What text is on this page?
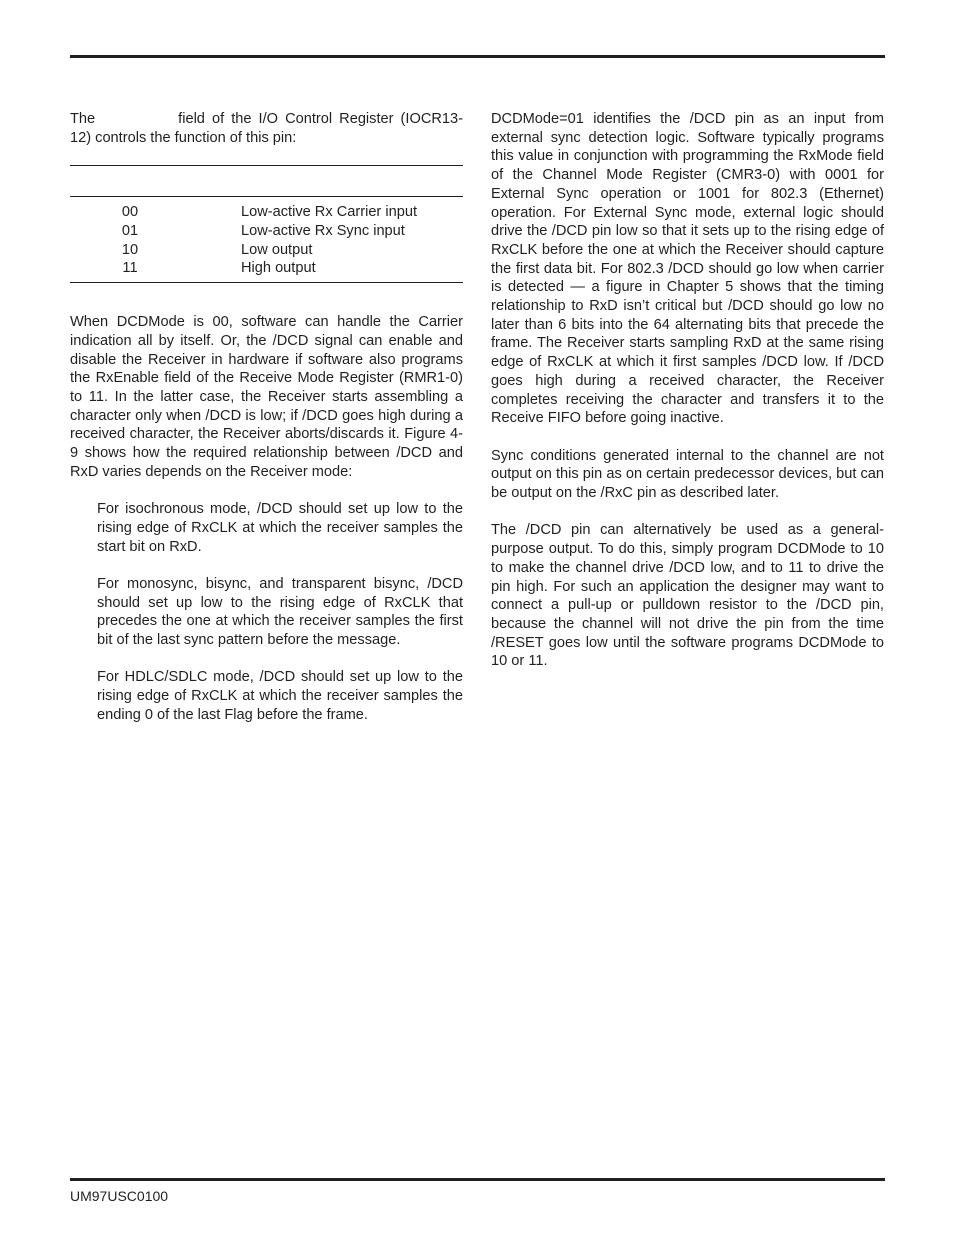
The	field of the I/O Control Register (IOCR13-12) controls the function of this pin:

00	Low-active Rx Carrier input
01	Low-active Rx Sync input
10	Low output
11	High output

When DCDMode is 00, software can handle the Carrier indication all by itself. Or, the /DCD signal can enable and disable the Receiver in hardware if software also programs the RxEnable field of the Receive Mode Register (RMR1-0) to 11. In the latter case, the Receiver starts assembling a character only when /DCD is low; if /DCD goes high during a received character, the Receiver aborts/discards it. Figure 4-9 shows how the required relationship between /DCD and RxD varies depends on the Receiver mode:

For isochronous mode, /DCD should set up low to the rising edge of RxCLK at which the receiver samples the start bit on RxD.

For monosync, bisync, and transparent bisync, /DCD should set up low to the rising edge of RxCLK that precedes the one at which the receiver samples the first bit of the last sync pattern before the message.

For HDLC/SDLC mode, /DCD should set up low to the rising edge of RxCLK at which the receiver samples the ending 0 of the last Flag before the frame.

DCDMode=01 identifies the /DCD pin as an input from external sync detection logic. Software typically programs this value in conjunction with programming the RxMode field of the Channel Mode Register (CMR3-0) with 0001 for External Sync operation or 1001 for 802.3 (Ethernet) operation. For External Sync mode, external logic should drive the /DCD pin low so that it sets up to the rising edge of RxCLK before the one at which the Receiver should capture the first data bit. For 802.3 /DCD should go low when carrier is detected — a figure in Chapter 5 shows that the timing relationship to RxD isn’t critical but /DCD should go low no later than 6 bits into the 64 alternating bits that precede the frame. The Receiver starts sampling RxD at the same rising edge of RxCLK at which it first samples /DCD low. If /DCD goes high during a received character, the Receiver completes receiving the character and transfers it to the Receive FIFO before going inactive.

Sync conditions generated internal to the channel are not output on this pin as on certain predecessor devices, but can be output on the /RxC pin as described later.

The /DCD pin can alternatively be used as a general-purpose output. To do this, simply program DCDMode to 10 to make the channel drive /DCD low, and to 11 to drive the pin high. For such an application the designer may want to connect a pull-up or pulldown resistor to the /DCD pin, because the channel will not drive the pin from the time /RESET goes low until the software programs DCDMode to 10 or 11.

UM97USC0100
